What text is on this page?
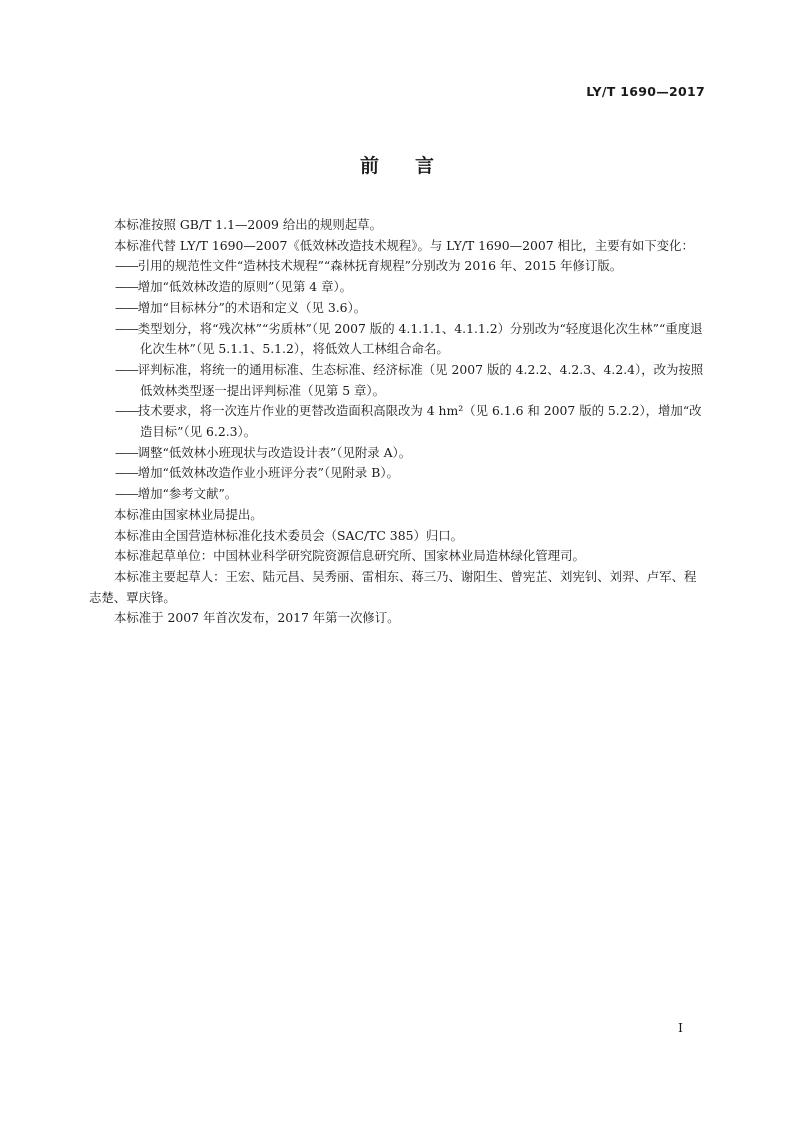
LY/T 1690—2017
前言

本标准按照 GB/T 1.1—2009 给出的规则起草。

本标准代替 LY/T 1690—2007《低效林改造技术规程》。与 LY/T 1690—2007 相比，主要有如下变化：

——引用的规范性文件“造林技术规程”“森林抚育规程”分别改为 2016 年、2015 年修订版。

——增加“低效林改造的原则”（见第 4 章）。

——增加“目标林分”的术语和定义（见 3.6）。

——类型划分，将“残次林”“劣质林”（见 2007 版的 4.1.1.1、4.1.1.2）分别改为“轻度退化次生林”“重度退化次生林”（见 5.1.1、5.1.2），将低效人工林组合命名。

——评判标准，将统一的通用标准、生态标准、经济标准（见 2007 版的 4.2.2、4.2.3、4.2.4），改为按照低效林类型逐一提出评判标准（见第 5 章）。

——技术要求，将一次连片作业的更替改造面积高限改为 4 hm²（见 6.1.6 和 2007 版的 5.2.2），增加“改造目标”（见 6.2.3）。

——调整“低效林小班现状与改造设计表”（见附录 A）。

——增加“低效林改造作业小班评分表”（见附录 B）。

——增加“参考文献”。

本标准由国家林业局提出。

本标准由全国营造林标准化技术委员会（SAC/TC 385）归口。

本标准起草单位：中国林业科学研究院资源信息研究所、国家林业局造林绿化管理司。

本标准主要起草人：王宏、陆元昌、吴秀丽、雷相东、蒋三乃、谢阳生、曾宪芷、刘宪钊、刘羿、卢军、程志楚、覃庆锋。

本标准于 2007 年首次发布，2017 年第一次修订。

I
